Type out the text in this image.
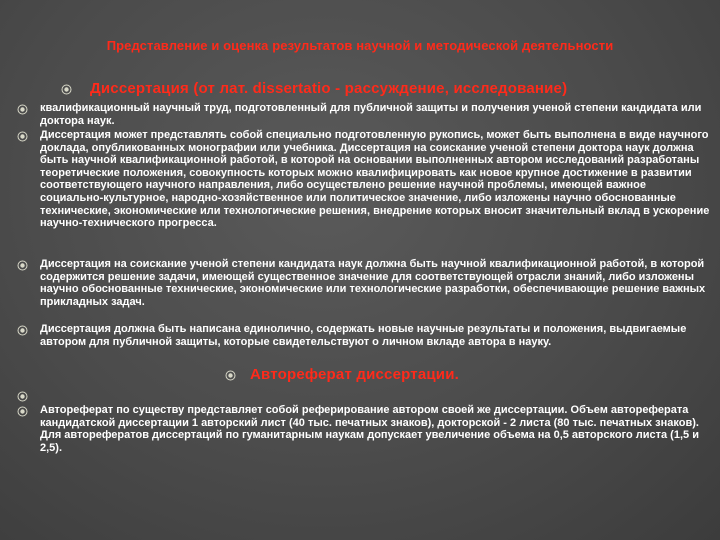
Представление и оценка результатов научной и методической деятельности
Диссертация (от лат. dissertatio - рассуждение, исследование)
квалификационный научный труд, подготовленный для публичной защиты и получения ученой степени кандидата или доктора наук.
Диссертация может представлять собой специально подготовленную рукопись, может быть выполнена в виде научного доклада, опубликованных монографии или учебника. Диссертация на соискание ученой степени доктора наук должна быть научной квалификационной работой, в которой на основании выполненных автором исследований разработаны теоретические положения, совокупность которых можно квалифицировать как новое крупное достижение в развитии соответствующего научного направления, либо осуществлено решение научной проблемы, имеющей важное социально-культурное, народно-хозяйственное или политическое значение, либо изложены научно обоснованные технические, экономические или технологические решения, внедрение которых вносит значительный вклад в ускорение научно-технического прогресса.
Диссертация на соискание ученой степени кандидата наук должна быть научной квалификационной работой, в которой содержится решение задачи, имеющей существенное значение для соответствующей отрасли знаний, либо изложены научно обоснованные технические, экономические или технологические разработки, обеспечивающие решение важных прикладных задач.
Диссертация должна быть написана единолично, содержать новые научные результаты и положения, выдвигаемые автором для публичной защиты, которые свидетельствуют о личном вкладе автора в науку.
Автореферат диссертации.
Автореферат по существу представляет собой реферирование автором своей же диссертации. Объем автореферата кандидатской диссертации 1 авторский лист (40 тыс. печатных знаков), докторской - 2 листа (80 тыс. печатных знаков). Для авторефератов диссертаций по гуманитарным наукам допускает увеличение объема на 0,5 авторского листа (1,5 и 2,5).
